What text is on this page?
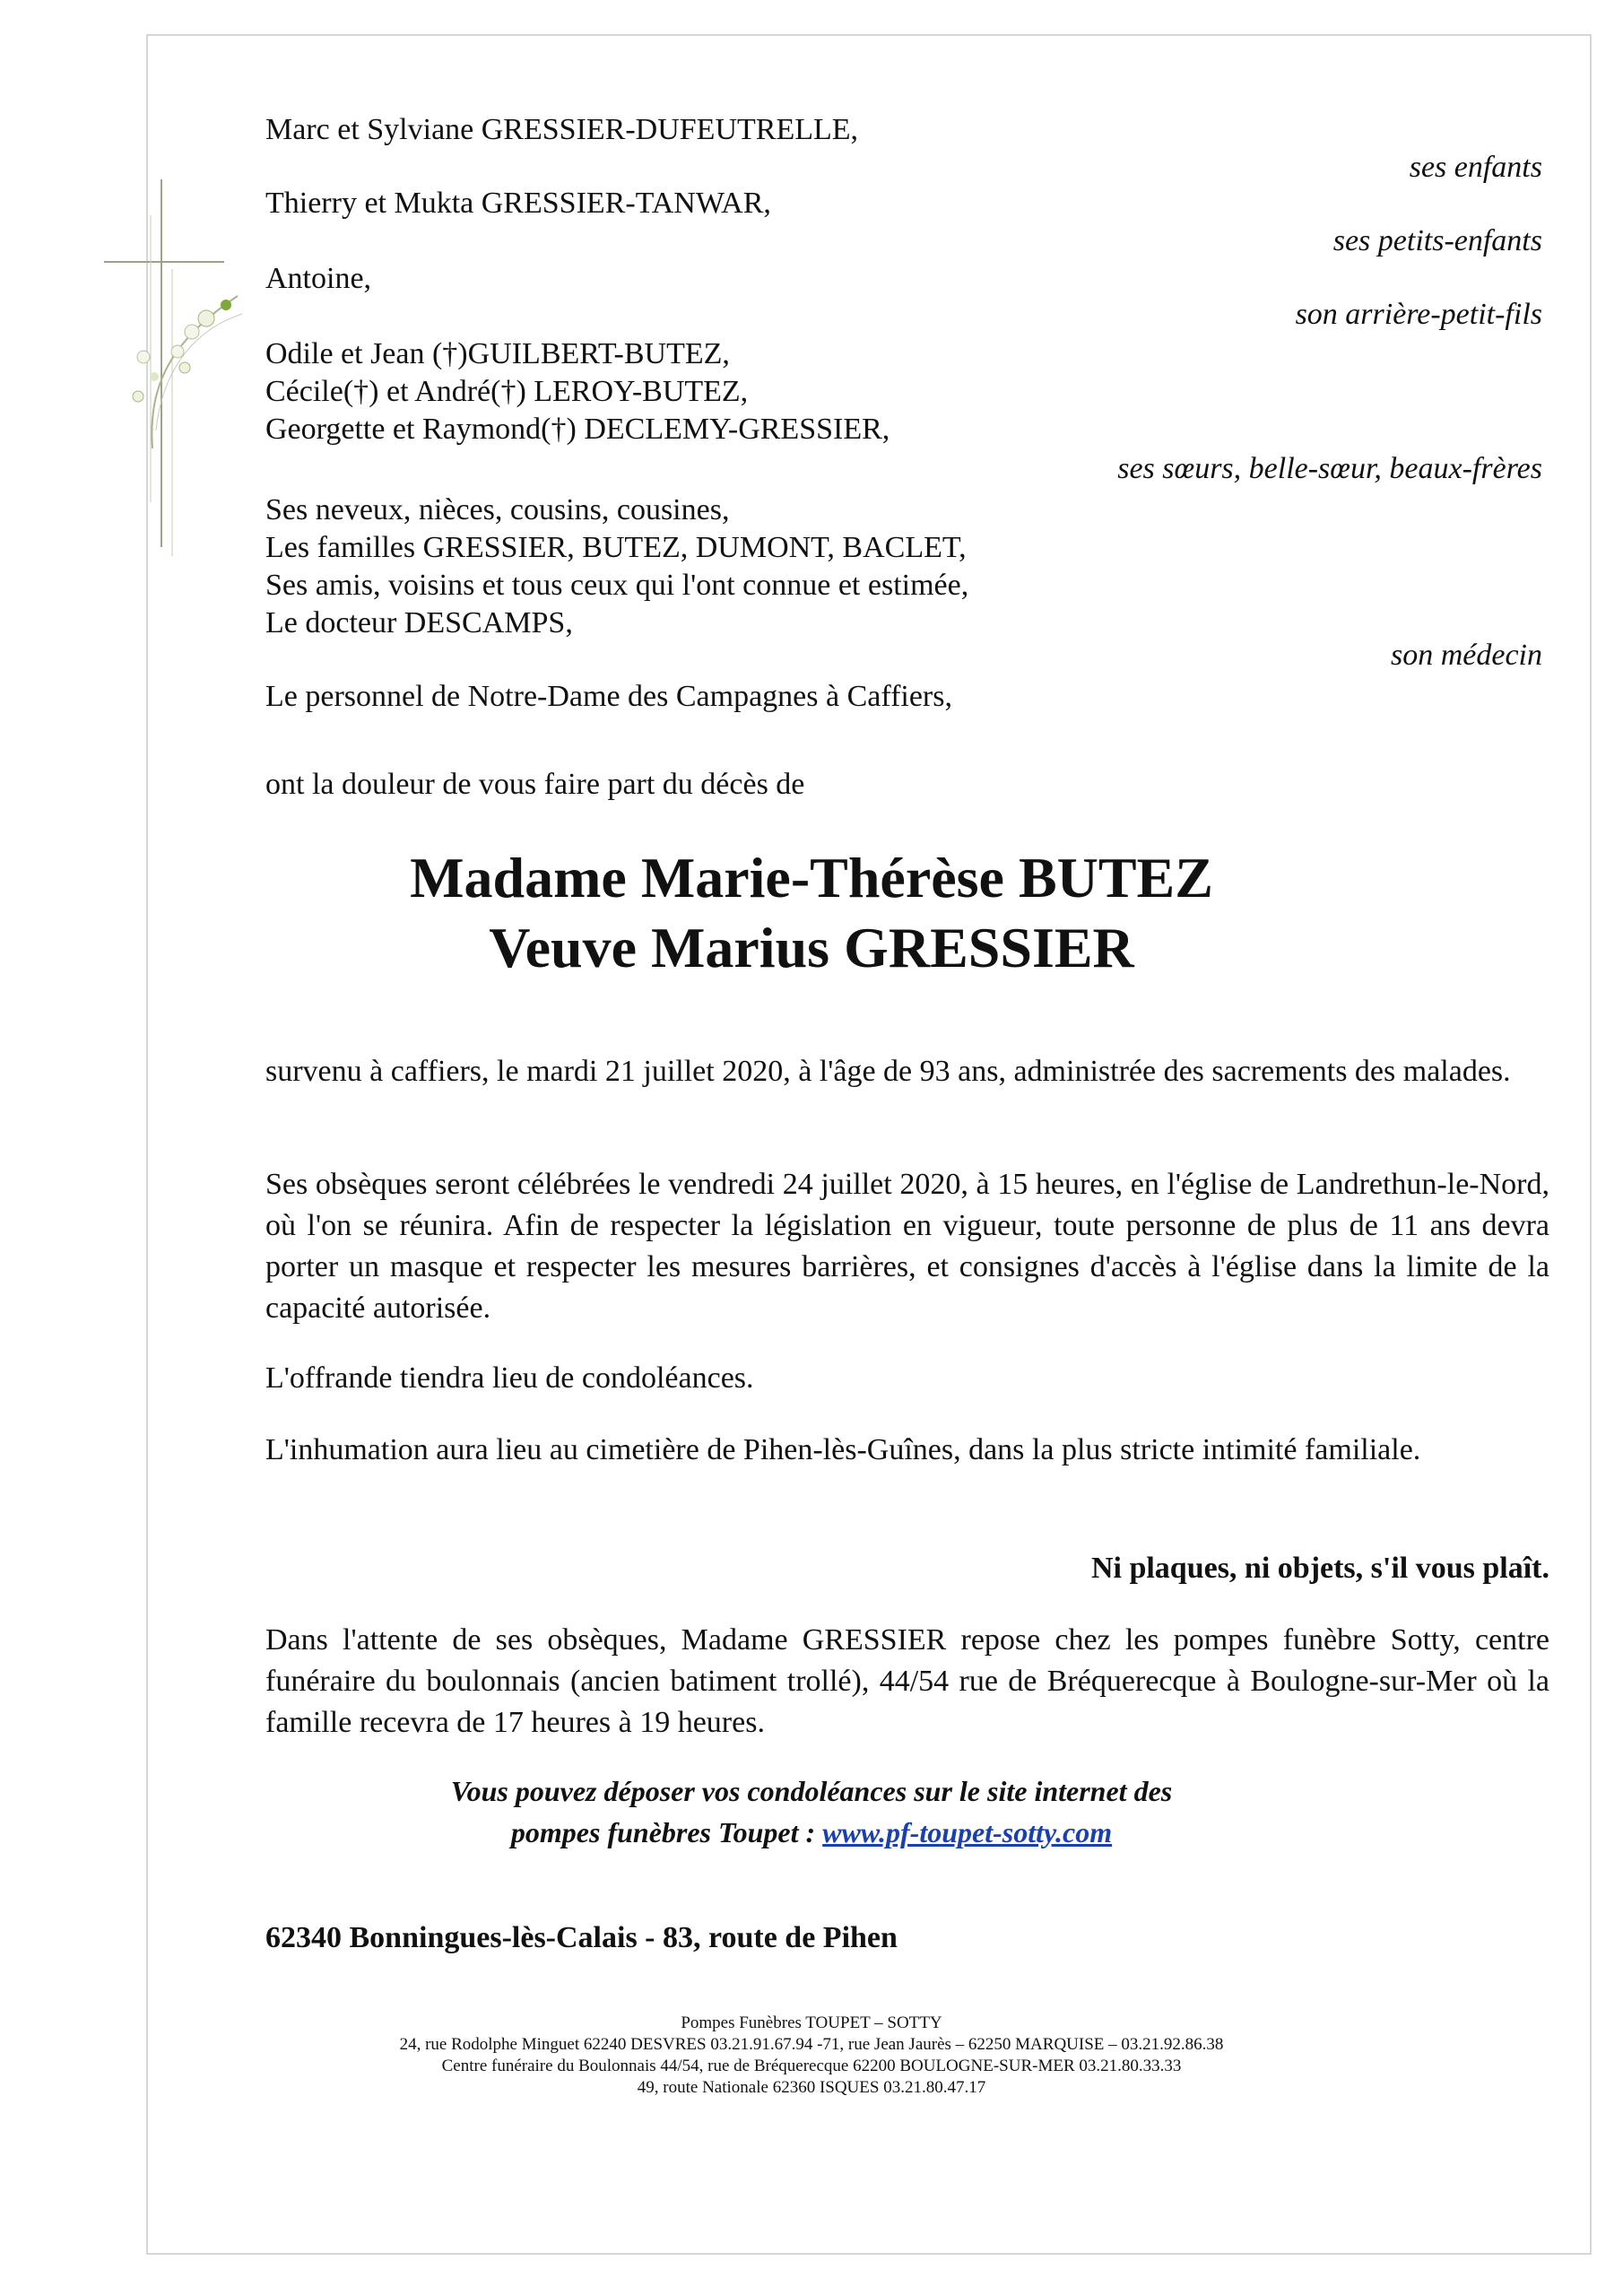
Marc et Sylviane GRESSIER-DUFEUTRELLE,
Thierry et Mukta GRESSIER-TANWAR,
Antoine,
Odile et Jean (†)GUILBERT-BUTEZ,
Cécile(†) et André(†) LEROY-BUTEZ,
Georgette et Raymond(†) DECLEMY-GRESSIER,
Ses neveux, nièces, cousins, cousines,
Les familles GRESSIER, BUTEZ, DUMONT, BACLET,
Ses amis, voisins et tous ceux qui l'ont connue et estimée,
Le docteur DESCAMPS,
Le personnel de Notre-Dame des Campagnes à Caffiers,
ses enfants
ses petits-enfants
son arrière-petit-fils
ses sœurs, belle-sœur, beaux-frères
son médecin
ont la douleur de vous faire part du décès de
Madame Marie-Thérèse BUTEZ
Veuve Marius GRESSIER
survenu à caffiers, le mardi 21 juillet 2020, à l'âge de 93 ans, administrée des sacrements des malades.
Ses obsèques seront célébrées le vendredi 24 juillet 2020, à 15 heures, en l'église de Landrethun-le-Nord, où l'on se réunira. Afin de respecter la législation en vigueur, toute personne de plus de 11 ans devra porter un masque et respecter les mesures barrières, et consignes d'accès à l'église dans la limite de la capacité autorisée.
L'offrande tiendra lieu de condoléances.
L'inhumation aura lieu au cimetière de Pihen-lès-Guînes, dans la plus stricte intimité familiale.
Ni plaques, ni objets, s'il vous plaît.
Dans l'attente de ses obsèques, Madame GRESSIER repose chez les pompes funèbre Sotty, centre funéraire du boulonnais (ancien batiment trollé), 44/54 rue de Bréquerecque à Boulogne-sur-Mer où la famille recevra de 17 heures à 19 heures.
Vous pouvez déposer vos condoléances sur le site internet des
pompes funèbres Toupet : www.pf-toupet-sotty.com
62340 Bonningues-lès-Calais - 83, route de Pihen
Pompes Funèbres TOUPET – SOTTY
24, rue Rodolphe Minguet 62240 DESVRES 03.21.91.67.94 -71, rue Jean Jaurès – 62250 MARQUISE – 03.21.92.86.38
Centre funéraire du Boulonnais 44/54, rue de Bréquerecque 62200 BOULOGNE-SUR-MER 03.21.80.33.33
49, route Nationale 62360 ISQUES 03.21.80.47.17
